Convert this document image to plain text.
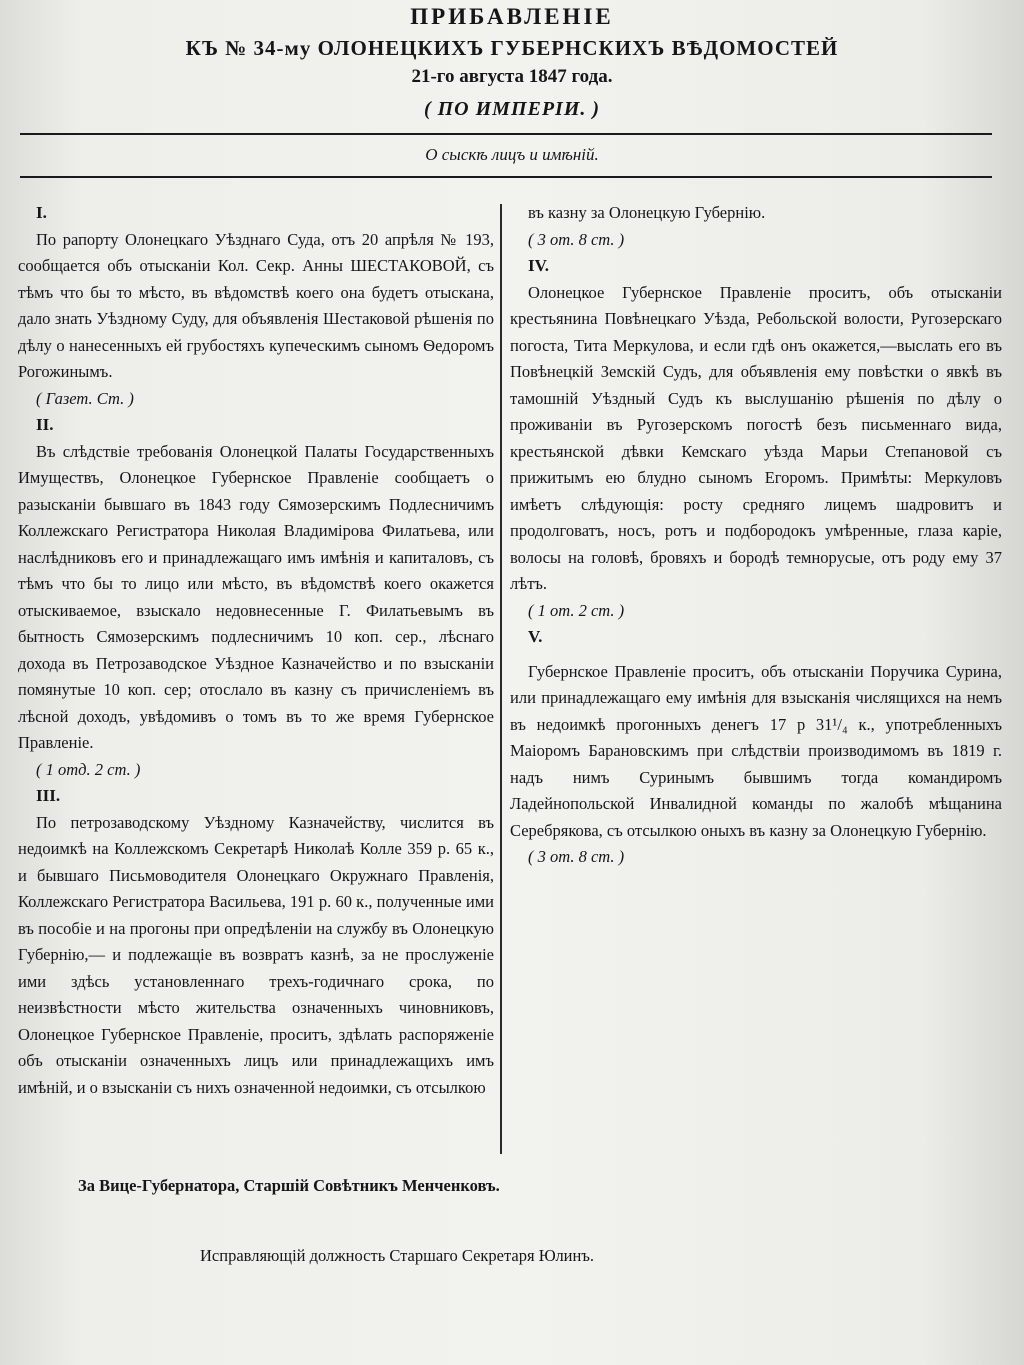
ПРИБАВЛЕНІЕ
КЪ № 34-му ОЛОНЕЦКИХЪ ГУБЕРНСКИХЪ ВѢДОМОСТЕЙ
21-го августа 1847 года.
( ПО ИМПЕРІИ. )
О сыскѣ лицъ и имѣній.

I.

По рапорту Олонецкаго Уѣзднаго Суда, отъ 20 апрѣля № 193, сообщается объ отысканіи Кол. Секр. Анны ШЕСТАКОВОЙ, съ тѣмъ что бы то мѣсто, въ вѣдомствѣ коего она будетъ отыскана, дало знать Уѣздному Суду, для объявленія Шестаковой рѣшенія по дѣлу о нанесенныхъ ей грубостяхъ купеческимъ сыномъ Ѳедоромъ Рогожинымъ.

( Газет. Ст. )

II.

Въ слѣдствіе требованія Олонецкой Палаты Государственныхъ Имуществъ, Олонецкое Губернское Правленіе сообщаетъ о разысканіи бывшаго въ 1843 году Сямозерскимъ Подлесничимъ Коллежскаго Регистратора Николая Владимірова Филатьева, или наслѣдниковъ его и принадлежащаго имъ имѣнія и капиталовъ, съ тѣмъ что бы то лицо или мѣсто, въ вѣдомствѣ коего окажется отыскиваемое, взыскало недовнесенные Г. Филатьевымъ въ бытность Сямозерскимъ подлесничимъ 10 коп. сер., лѣснаго дохода въ Петрозаводское Уѣздное Казначейство и по взысканіи помянутые 10 коп. сер; отослало въ казну съ причисленіемъ въ лѣсной доходъ, увѣдомивъ о томъ въ то же время Губернское Правленіе.

( 1 отд. 2 ст. )

III.

По петрозаводскому Уѣздному Казначейству, числится въ недоимкѣ на Коллежскомъ Секретарѣ Николаѣ Колле 359 р. 65 к., и бывшаго Письмоводителя Олонецкаго Окружнаго Правленія, Коллежскаго Регистратора Васильева, 191 р. 60 к., полученные ими въ пособіе и на прогоны при опредѣленіи на службу въ Олонецкую Губернію,— и подлежащіе въ возвратъ казнѣ, за не прослуженіе ими здѣсь установленнаго трехъ-годичнаго срока, по неизвѣстности мѣсто жительства означенныхъ чиновниковъ, Олонецкое Губернское Правленіе, проситъ, здѣлать распоряженіе объ отысканіи означенныхъ лицъ или принадлежащихъ имъ имѣній, и о взысканіи съ нихъ означенной недоимки, съ отсылкою

въ казну за Олонецкую Губернію.

( 3 от. 8 ст. )

IV.

Олонецкое Губернское Правленіе проситъ, объ отысканіи крестьянина Повѣнецкаго Уѣзда, Ребольской волости, Ругозерскаго погоста, Тита Меркулова, и если гдѣ онъ окажется,—выслать его въ Повѣнецкій Земскій Судъ, для объявленія ему повѣстки о явкѣ въ тамошній Уѣздный Судъ къ выслушанію рѣшенія по дѣлу о проживаніи въ Ругозерскомъ погостѣ безъ письменнаго вида, крестьянской дѣвки Кемскаго уѣзда Марьи Степановой съ прижитымъ ею блудно сыномъ Егоромъ. Примѣты: Меркуловъ имѣетъ слѣдующія: росту средняго лицемъ шадровитъ и продолговатъ, носъ, ротъ и подбородокъ умѣренные, глаза каріе, волосы на головѣ, бровяхъ и бородѣ темнорусые, отъ роду ему 37 лѣтъ.

( 1 от. 2 ст. )

V.

Губернское Правленіе проситъ, объ отысканіи Поручика Сурина, или принадлежащаго ему имѣнія для взысканія числящихся на немъ въ недоимкѣ прогонныхъ денегъ 17 р 31¹/₄ к., употребленныхъ Маіоромъ Барановскимъ при слѣдствіи производимомъ въ 1819 г. надъ нимъ Суринымъ бывшимъ тогда командиромъ Ладейнопольской Инвалидной команды по жалобѣ мѣщанина Серебрякова, съ отсылкою оныхъ въ казну за Олонецкую Губернію.

( 3 от. 8 ст. )

За Вице-Губернатора, Старшій Совѣтникъ Менченковъ.
Исправляющій должность Старшаго Секретаря Юлинъ.
